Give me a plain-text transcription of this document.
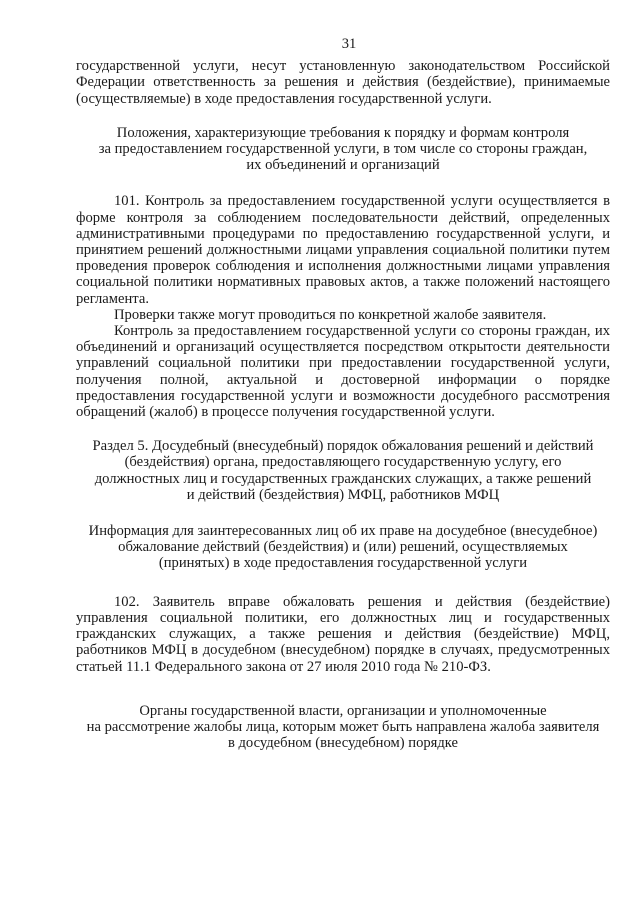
31

государственной услуги, несут установленную законодательством Российской Федерации ответственность за решения и действия (бездействие), принимаемые (осуществляемые) в ходе предоставления государственной услуги.

Положения, характеризующие требования к порядку и формам контроля
за предоставлением государственной услуги, в том числе со стороны граждан,
их объединений и организаций

101. Контроль за предоставлением государственной услуги осуществляется в форме контроля за соблюдением последовательности действий, определенных административными процедурами по предоставлению государственной услуги, и принятием решений должностными лицами управления социальной политики путем проведения проверок соблюдения и исполнения должностными лицами управления социальной политики нормативных правовых актов, а также положений настоящего регламента.

Проверки также могут проводиться по конкретной жалобе заявителя.

Контроль за предоставлением государственной услуги со стороны граждан, их объединений и организаций осуществляется посредством открытости деятельности управлений социальной политики при предоставлении государственной услуги, получения полной, актуальной и достоверной информации о порядке предоставления государственной услуги и возможности досудебного рассмотрения обращений (жалоб) в процессе получения государственной услуги.

Раздел 5. Досудебный (внесудебный) порядок обжалования решений и действий
(бездействия) органа, предоставляющего государственную услугу, его
должностных лиц и государственных гражданских служащих, а также решений
и действий (бездействия) МФЦ, работников МФЦ
Информация для заинтересованных лиц об их праве на досудебное (внесудебное)
обжалование действий (бездействия) и (или) решений, осуществляемых
(принятых) в ходе предоставления государственной услуги

102. Заявитель вправе обжаловать решения и действия (бездействие) управления социальной политики, его должностных лиц и государственных гражданских служащих, а также решения и действия (бездействие) МФЦ, работников МФЦ в досудебном (внесудебном) порядке в случаях, предусмотренных статьей 11.1 Федерального закона от 27 июля 2010 года № 210-ФЗ.

Органы государственной власти, организации и уполномоченные
на рассмотрение жалобы лица, которым может быть направлена жалоба заявителя
в досудебном (внесудебном) порядке
